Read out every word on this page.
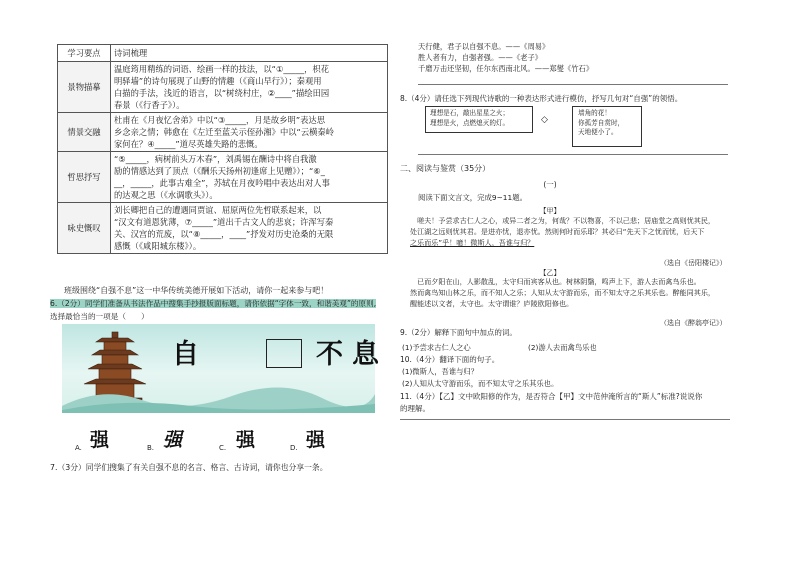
学习要点	诗词梳理
景物描摹	温庭筠用精练的词语、绘画一样的技法，以“①_____，枳花
明驿墙”的诗句展现了山野的情趣（《商山早行》）；秦观用
白描的手法，浅近的语言，以“树绕村庄，②____”描绘田园
春景（《行香子》）。

情景交融	杜甫在《月夜忆舍弟》中以“③_____，月是故乡明”表达思
乡念亲之情；韩愈在《左迁至蓝关示侄孙湘》中以“云横秦岭
家何在？④_____”道尽英雄失路的悲慨。

哲思抒写	“⑤_____，病树前头万木春”，刘禹锡在酬诗中将自我激
励的情感达到了顶点（《酬乐天扬州初逢席上见赠》）；“⑥_
__，_____，此事古难全”，苏轼在月夜吟唱中表达出对人事
的达观之思（《水调歌头》）。

咏史慨叹	刘长卿把自己的遭遇同贾谊、屈原两位先哲联系起来，以
“汉文有道恩犹薄，⑦_____”道出千古文人的悲哀；许浑写秦
关、汉宫的荒废，以“⑧_____，____”抒发对历史沧桑的无限
感慨（《咸阳城东楼》）。
班级围绕“自强不息”这一中华传统美德开展如下活动，请你一起来参与吧！
6.（2分）同学们准备从书法作品中搜集手抄报版面标题，请你依据“字体一致，和谐美观”的原则,
选择最恰当的一项是（　　）
自	不 息
强
A.	强
B.	强
C.	强
D.
7.（3分）同学们搜集了有关自强不息的名言、格言、古诗词，请你也分享一条。
天行健，君子以自强不息。——《周易》
胜人者有力，自强者强。——《老子》
千磨万击还坚韧，任尔东西南北风。——郑燮《竹石》
8.（4分）请任选下列现代诗歌的一种表达形式进行模仿，抒写几句对“自强”的领悟。
理想是石，敲出星星之火；
理想是火，点燃熄灭的灯。	◇
墙角的花！
你孤芳自赏时，
天地便小了。
二、阅读与鉴赏（35分）
(一)
阅读下面文言文，完成9~11题。
【甲】
　嗟夫！予尝求古仁人之心，或异二者之为，何哉？不以物喜，不以己悲；居庙堂之高则忧其民，
处江湖之远则忧其君。是进亦忧，退亦忧。然则何时而乐耶？其必曰“先天下之忧而忧，后天下
之乐而乐”乎！噫！微斯人，吾谁与归？
（选自《岳阳楼记》）
【乙】
　已而夕阳在山，人影散乱，太守归而宾客从也。树林阴翳，鸣声上下，游人去而禽鸟乐也。
然而禽鸟知山林之乐，而不知人之乐；人知从太守游而乐，而不知太守之乐其乐也。醉能同其乐，
醒能述以文者，太守也。太守谓谁？庐陵欧阳修也。
（选自《醉翁亭记》）
9.（2分）解释下面句中加点的词。
(1)予尝求古仁人之心	(2)游人去而禽鸟乐也
10.（4分）翻译下面的句子。
(1)微斯人，吾谁与归？
(2)人知从太守游而乐，而不知太守之乐其乐也。
11.（4分）【乙】文中欧阳修的作为，是否符合【甲】文中范仲淹所言的“斯人”标准?说说你
的理解。
